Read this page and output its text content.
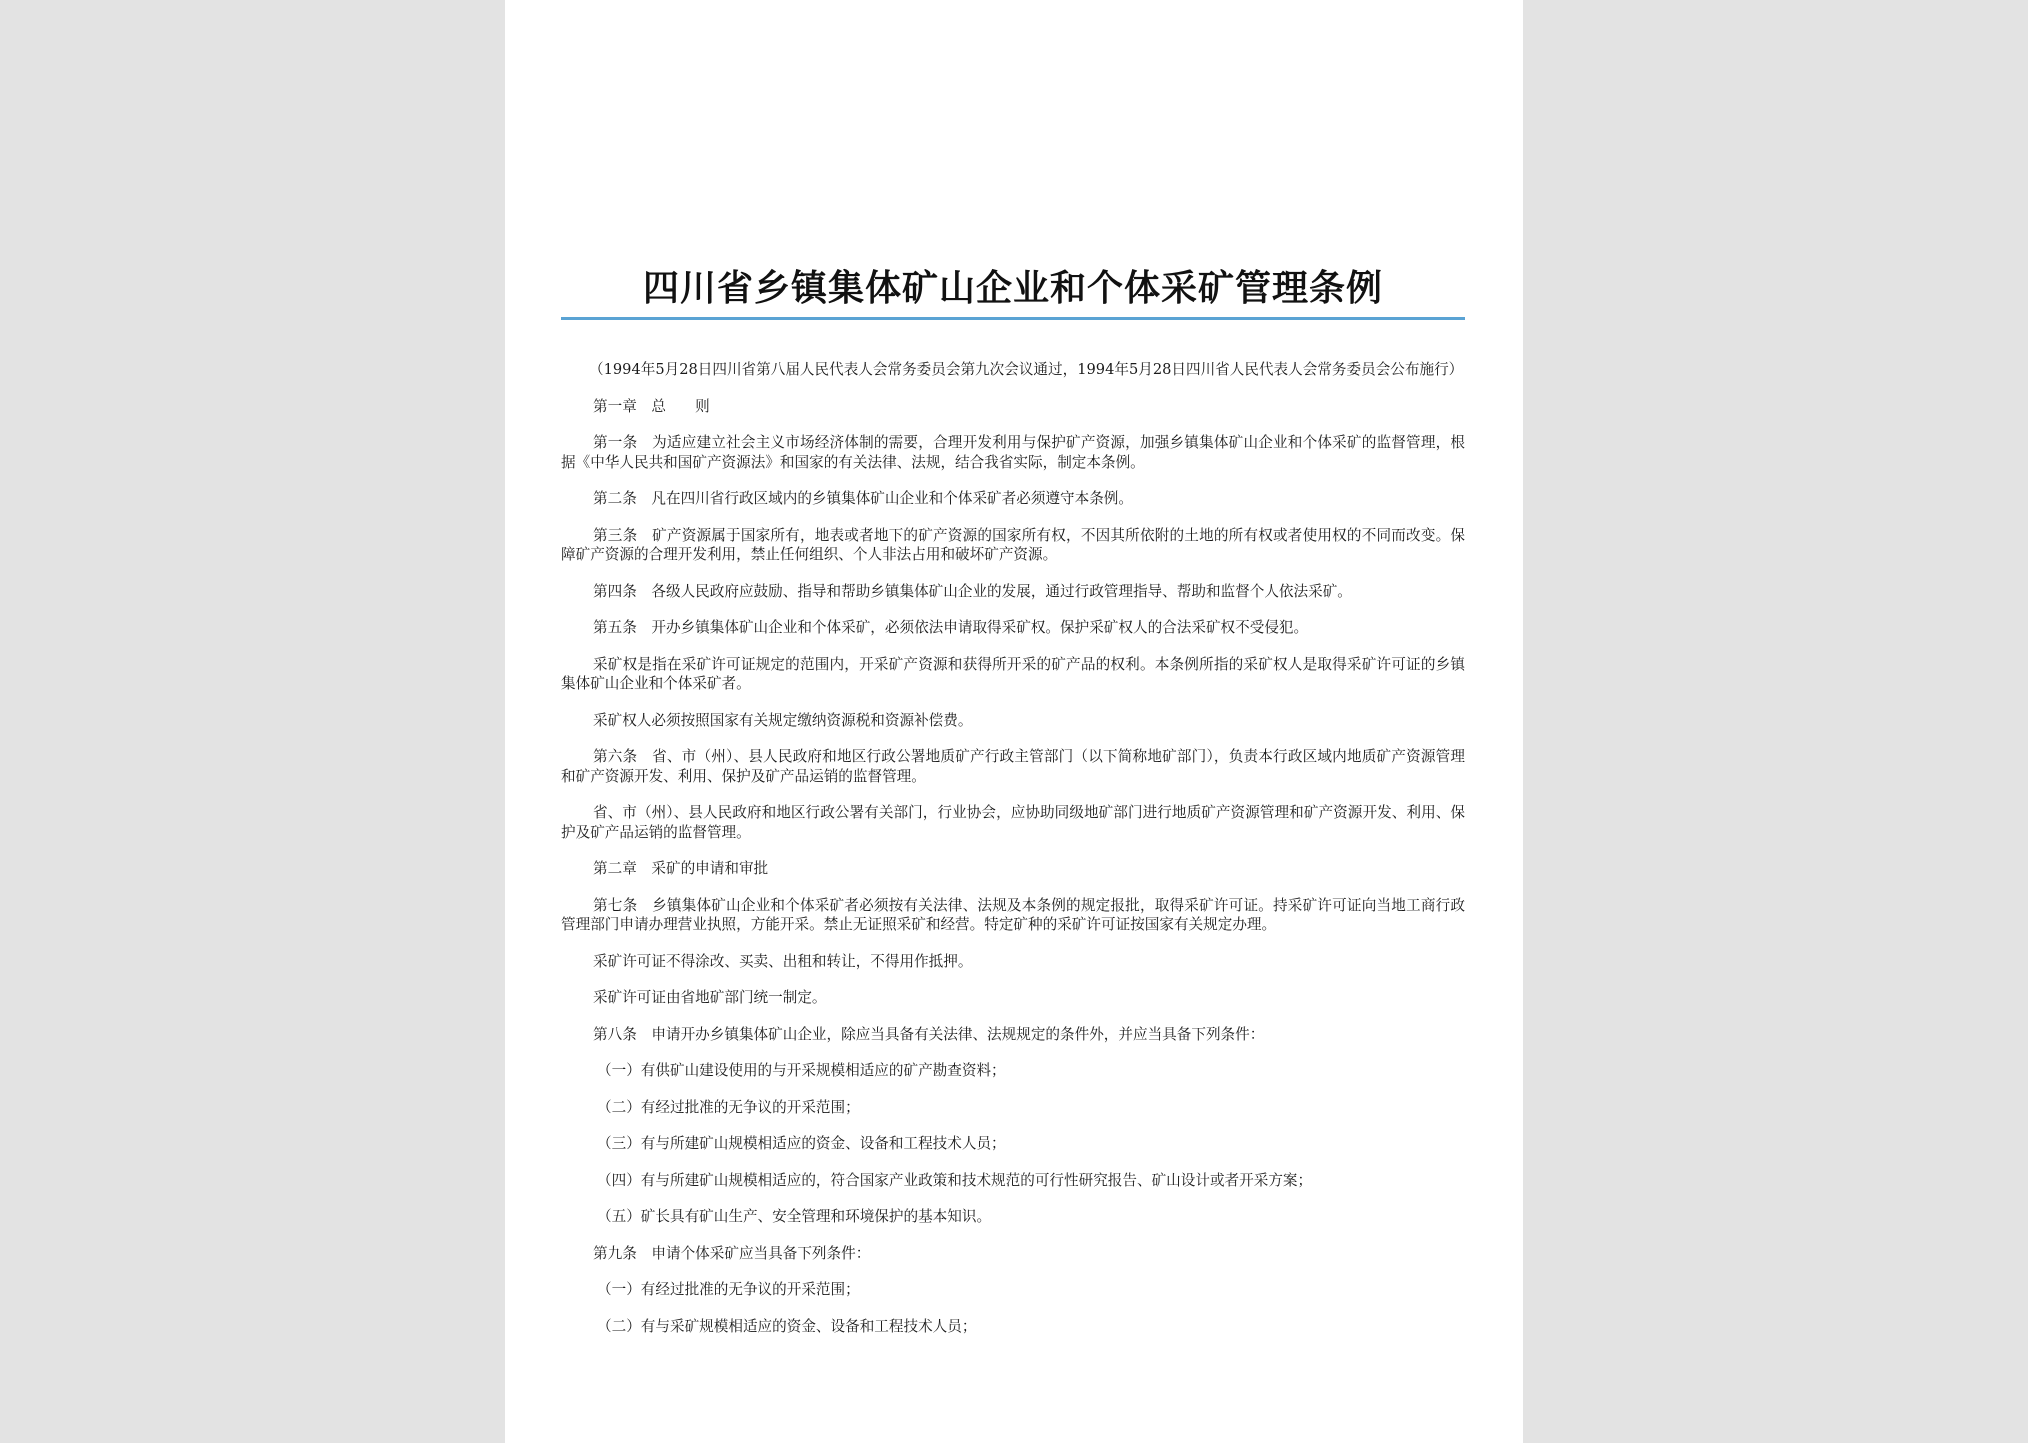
四川省乡镇集体矿山企业和个体采矿管理条例

（1994年5月28日四川省第八届人民代表人会常务委员会第九次会议通过，1994年5月28日四川省人民代表人会常务委员会公布施行）

第一章　总　　则

第一条　为适应建立社会主义市场经济体制的需要，合理开发利用与保护矿产资源，加强乡镇集体矿山企业和个体采矿的监督管理，根据《中华人民共和国矿产资源法》和国家的有关法律、法规，结合我省实际，制定本条例。

第二条　凡在四川省行政区域内的乡镇集体矿山企业和个体采矿者必须遵守本条例。

第三条　矿产资源属于国家所有，地表或者地下的矿产资源的国家所有权，不因其所依附的土地的所有权或者使用权的不同而改变。保障矿产资源的合理开发利用，禁止任何组织、个人非法占用和破坏矿产资源。

第四条　各级人民政府应鼓励、指导和帮助乡镇集体矿山企业的发展，通过行政管理指导、帮助和监督个人依法采矿。

第五条　开办乡镇集体矿山企业和个体采矿，必须依法申请取得采矿权。保护采矿权人的合法采矿权不受侵犯。

采矿权是指在采矿许可证规定的范围内，开采矿产资源和获得所开采的矿产品的权利。本条例所指的采矿权人是取得采矿许可证的乡镇集体矿山企业和个体采矿者。

采矿权人必须按照国家有关规定缴纳资源税和资源补偿费。

第六条　省、市（州）、县人民政府和地区行政公署地质矿产行政主管部门（以下简称地矿部门），负责本行政区域内地质矿产资源管理和矿产资源开发、利用、保护及矿产品运销的监督管理。

省、市（州）、县人民政府和地区行政公署有关部门，行业协会，应协助同级地矿部门进行地质矿产资源管理和矿产资源开发、利用、保护及矿产品运销的监督管理。

第二章　采矿的申请和审批

第七条　乡镇集体矿山企业和个体采矿者必须按有关法律、法规及本条例的规定报批，取得采矿许可证。持采矿许可证向当地工商行政管理部门申请办理营业执照，方能开采。禁止无证照采矿和经营。特定矿种的采矿许可证按国家有关规定办理。

采矿许可证不得涂改、买卖、出租和转让，不得用作抵押。

采矿许可证由省地矿部门统一制定。

第八条　申请开办乡镇集体矿山企业，除应当具备有关法律、法规规定的条件外，并应当具备下列条件：

（一）有供矿山建设使用的与开采规模相适应的矿产勘查资料；

（二）有经过批准的无争议的开采范围；

（三）有与所建矿山规模相适应的资金、设备和工程技术人员；

（四）有与所建矿山规模相适应的，符合国家产业政策和技术规范的可行性研究报告、矿山设计或者开采方案；

（五）矿长具有矿山生产、安全管理和环境保护的基本知识。

第九条　申请个体采矿应当具备下列条件：

（一）有经过批准的无争议的开采范围；

（二）有与采矿规模相适应的资金、设备和工程技术人员；
